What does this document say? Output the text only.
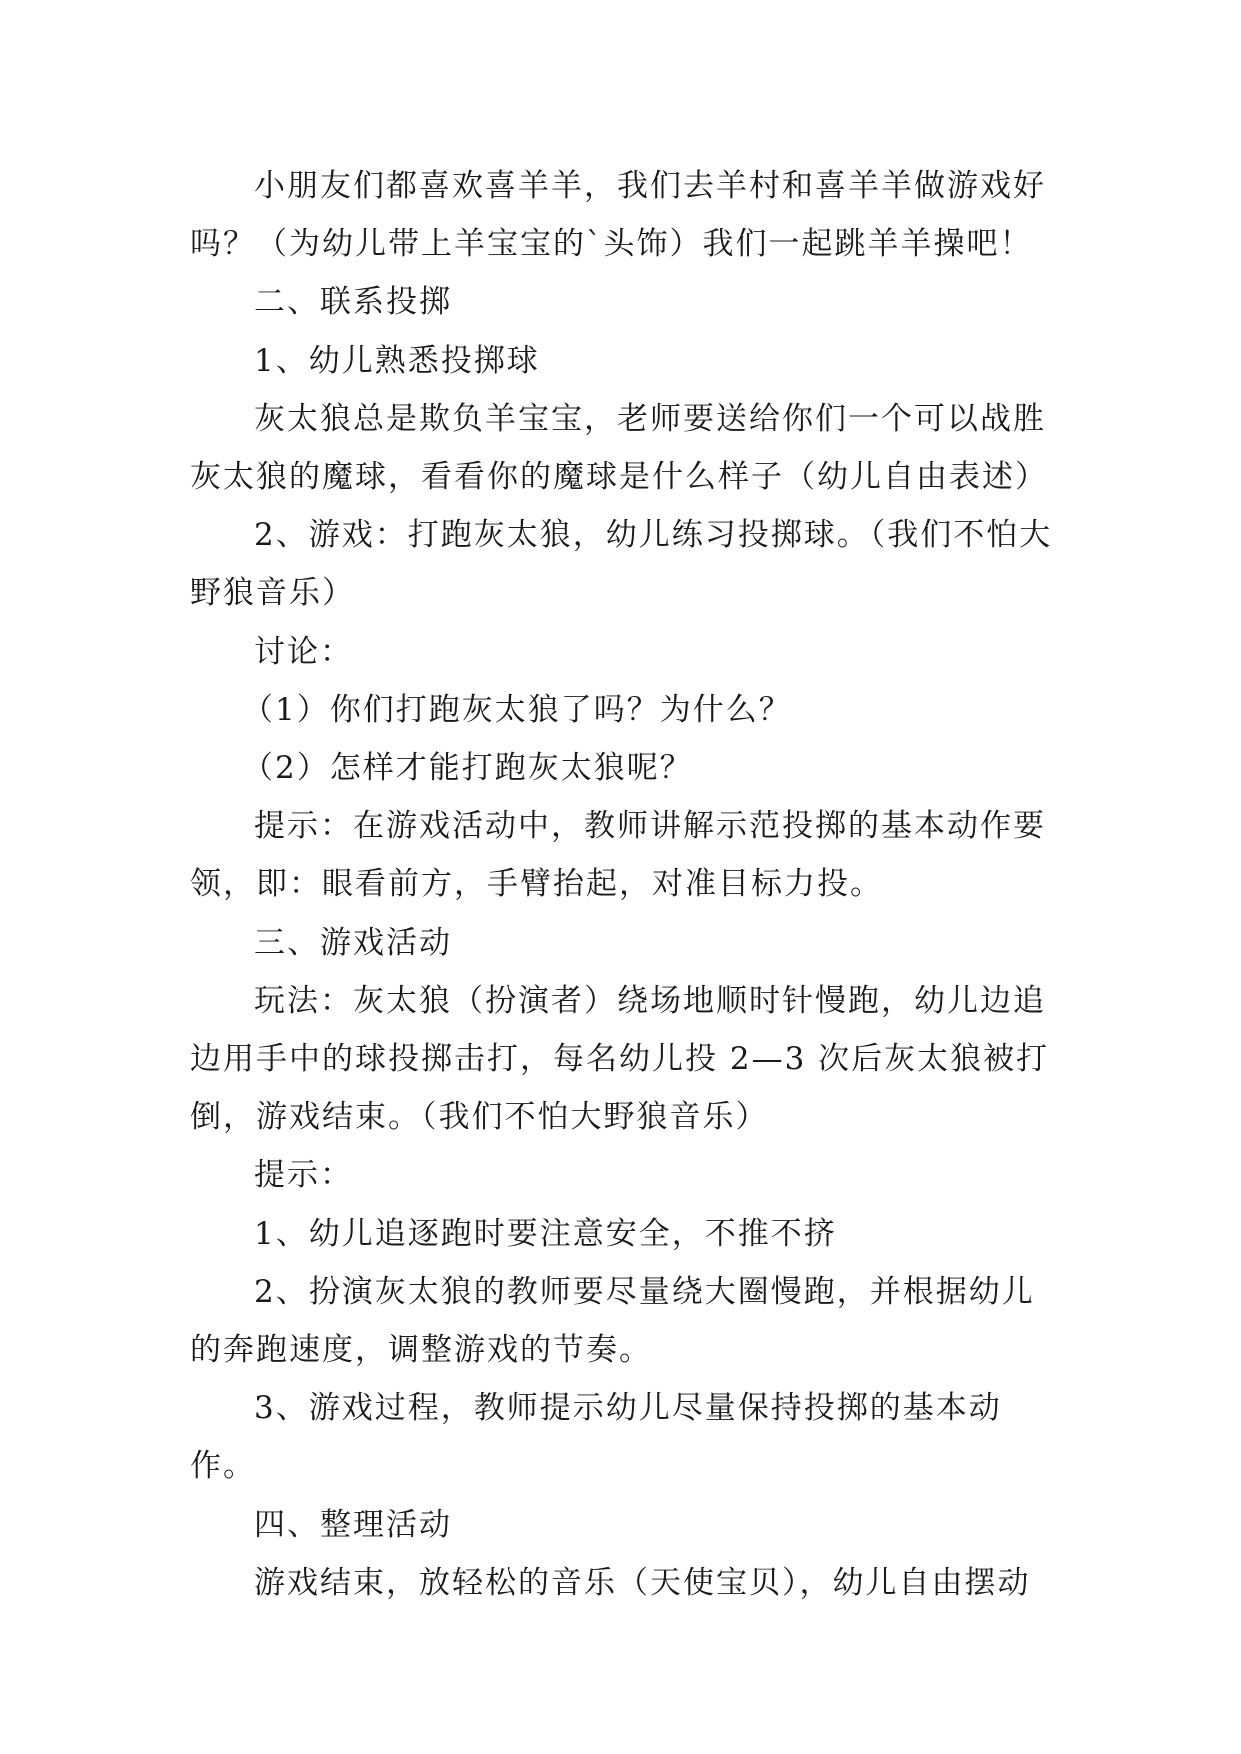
小朋友们都喜欢喜羊羊，我们去羊村和喜羊羊做游戏好吗？（为幼儿带上羊宝宝的`头饰）我们一起跳羊羊操吧！

二、联系投掷

1、幼儿熟悉投掷球

灰太狼总是欺负羊宝宝，老师要送给你们一个可以战胜灰太狼的魔球，看看你的魔球是什么样子（幼儿自由表述）

2、游戏：打跑灰太狼，幼儿练习投掷球。（我们不怕大野狼音乐）

讨论：

（1）你们打跑灰太狼了吗？为什么？

（2）怎样才能打跑灰太狼呢？

提示：在游戏活动中，教师讲解示范投掷的基本动作要领，即：眼看前方，手臂抬起，对准目标力投。

三、游戏活动

玩法：灰太狼（扮演者）绕场地顺时针慢跑，幼儿边追边用手中的球投掷击打，每名幼儿投 2—3 次后灰太狼被打倒，游戏结束。（我们不怕大野狼音乐）

提示：

1、幼儿追逐跑时要注意安全，不推不挤

2、扮演灰太狼的教师要尽量绕大圈慢跑，并根据幼儿的奔跑速度，调整游戏的节奏。

3、游戏过程，教师提示幼儿尽量保持投掷的基本动作。

四、整理活动

游戏结束，放轻松的音乐（天使宝贝），幼儿自由摆动
